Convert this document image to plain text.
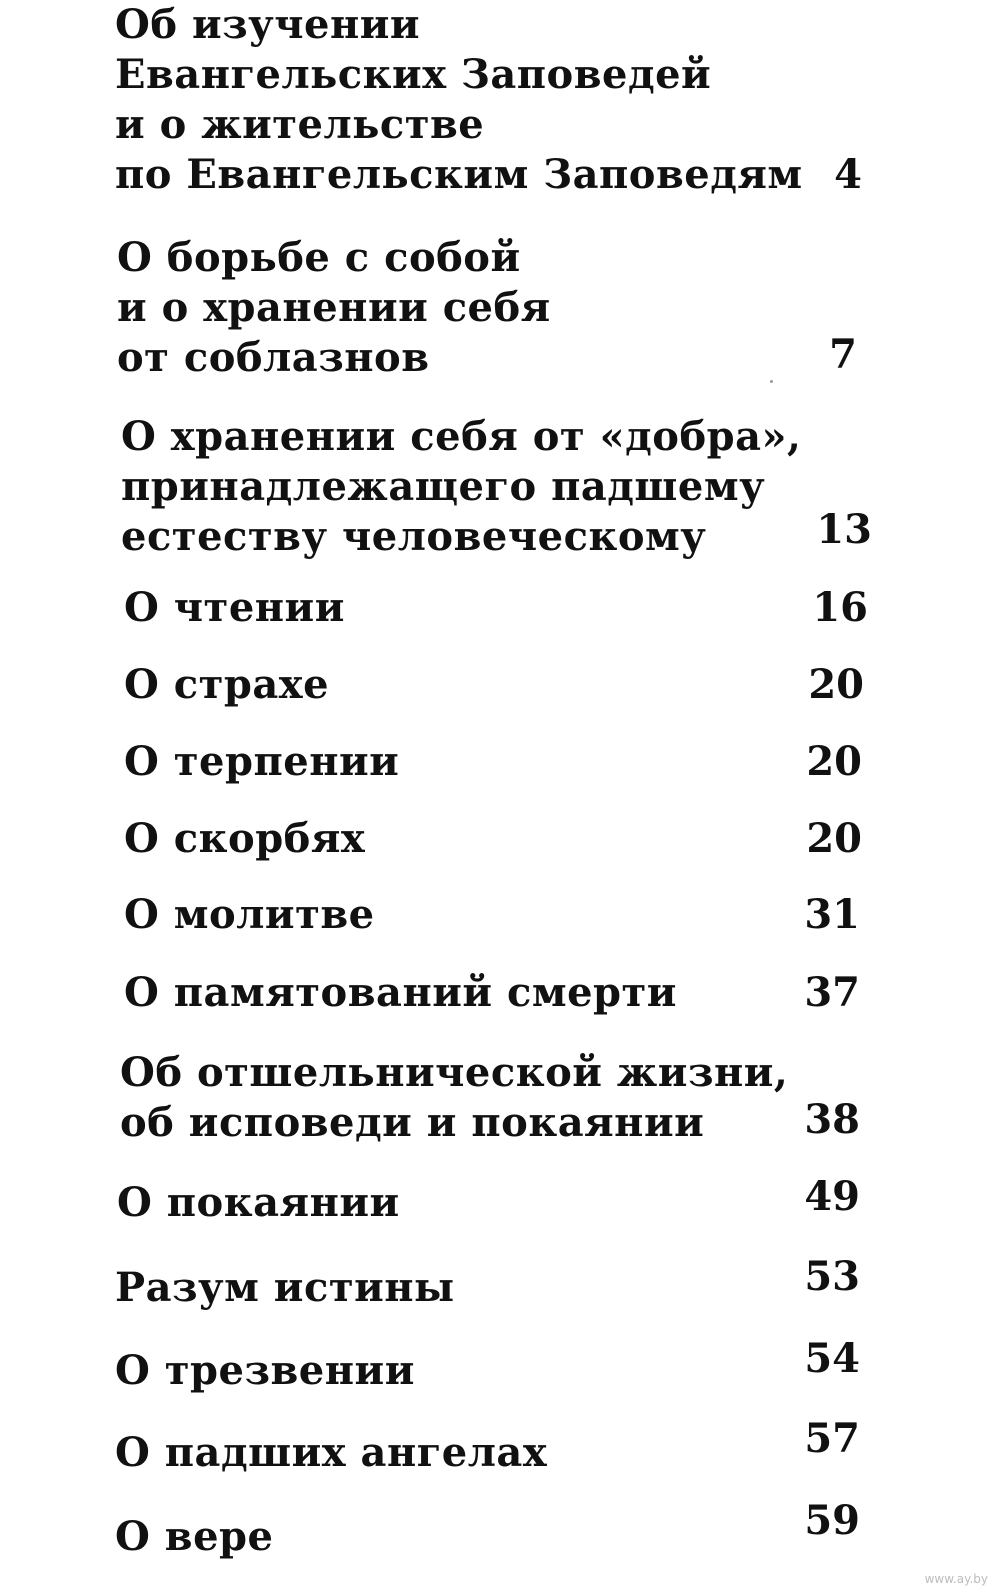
Об изучении
Евангельских Заповедей
и о жительстве
по Евангельским Заповедям 4
О борьбе с собой
и о хранении себя
от соблазнов	7
О хранении себя от «добра»,
принадлежащего падшему
естеству человеческому	13
О чтении	16
О страхе	20
О терпении	20
О скорбях	20
О молитве	31
О памятований смерти	37
Об отшельнической жизни,
об исповеди и покаянии	38
О покаянии	49
Разум истины	53
О трезвении	54
О падших ангелах	57
О вере	59
www.ay.by
